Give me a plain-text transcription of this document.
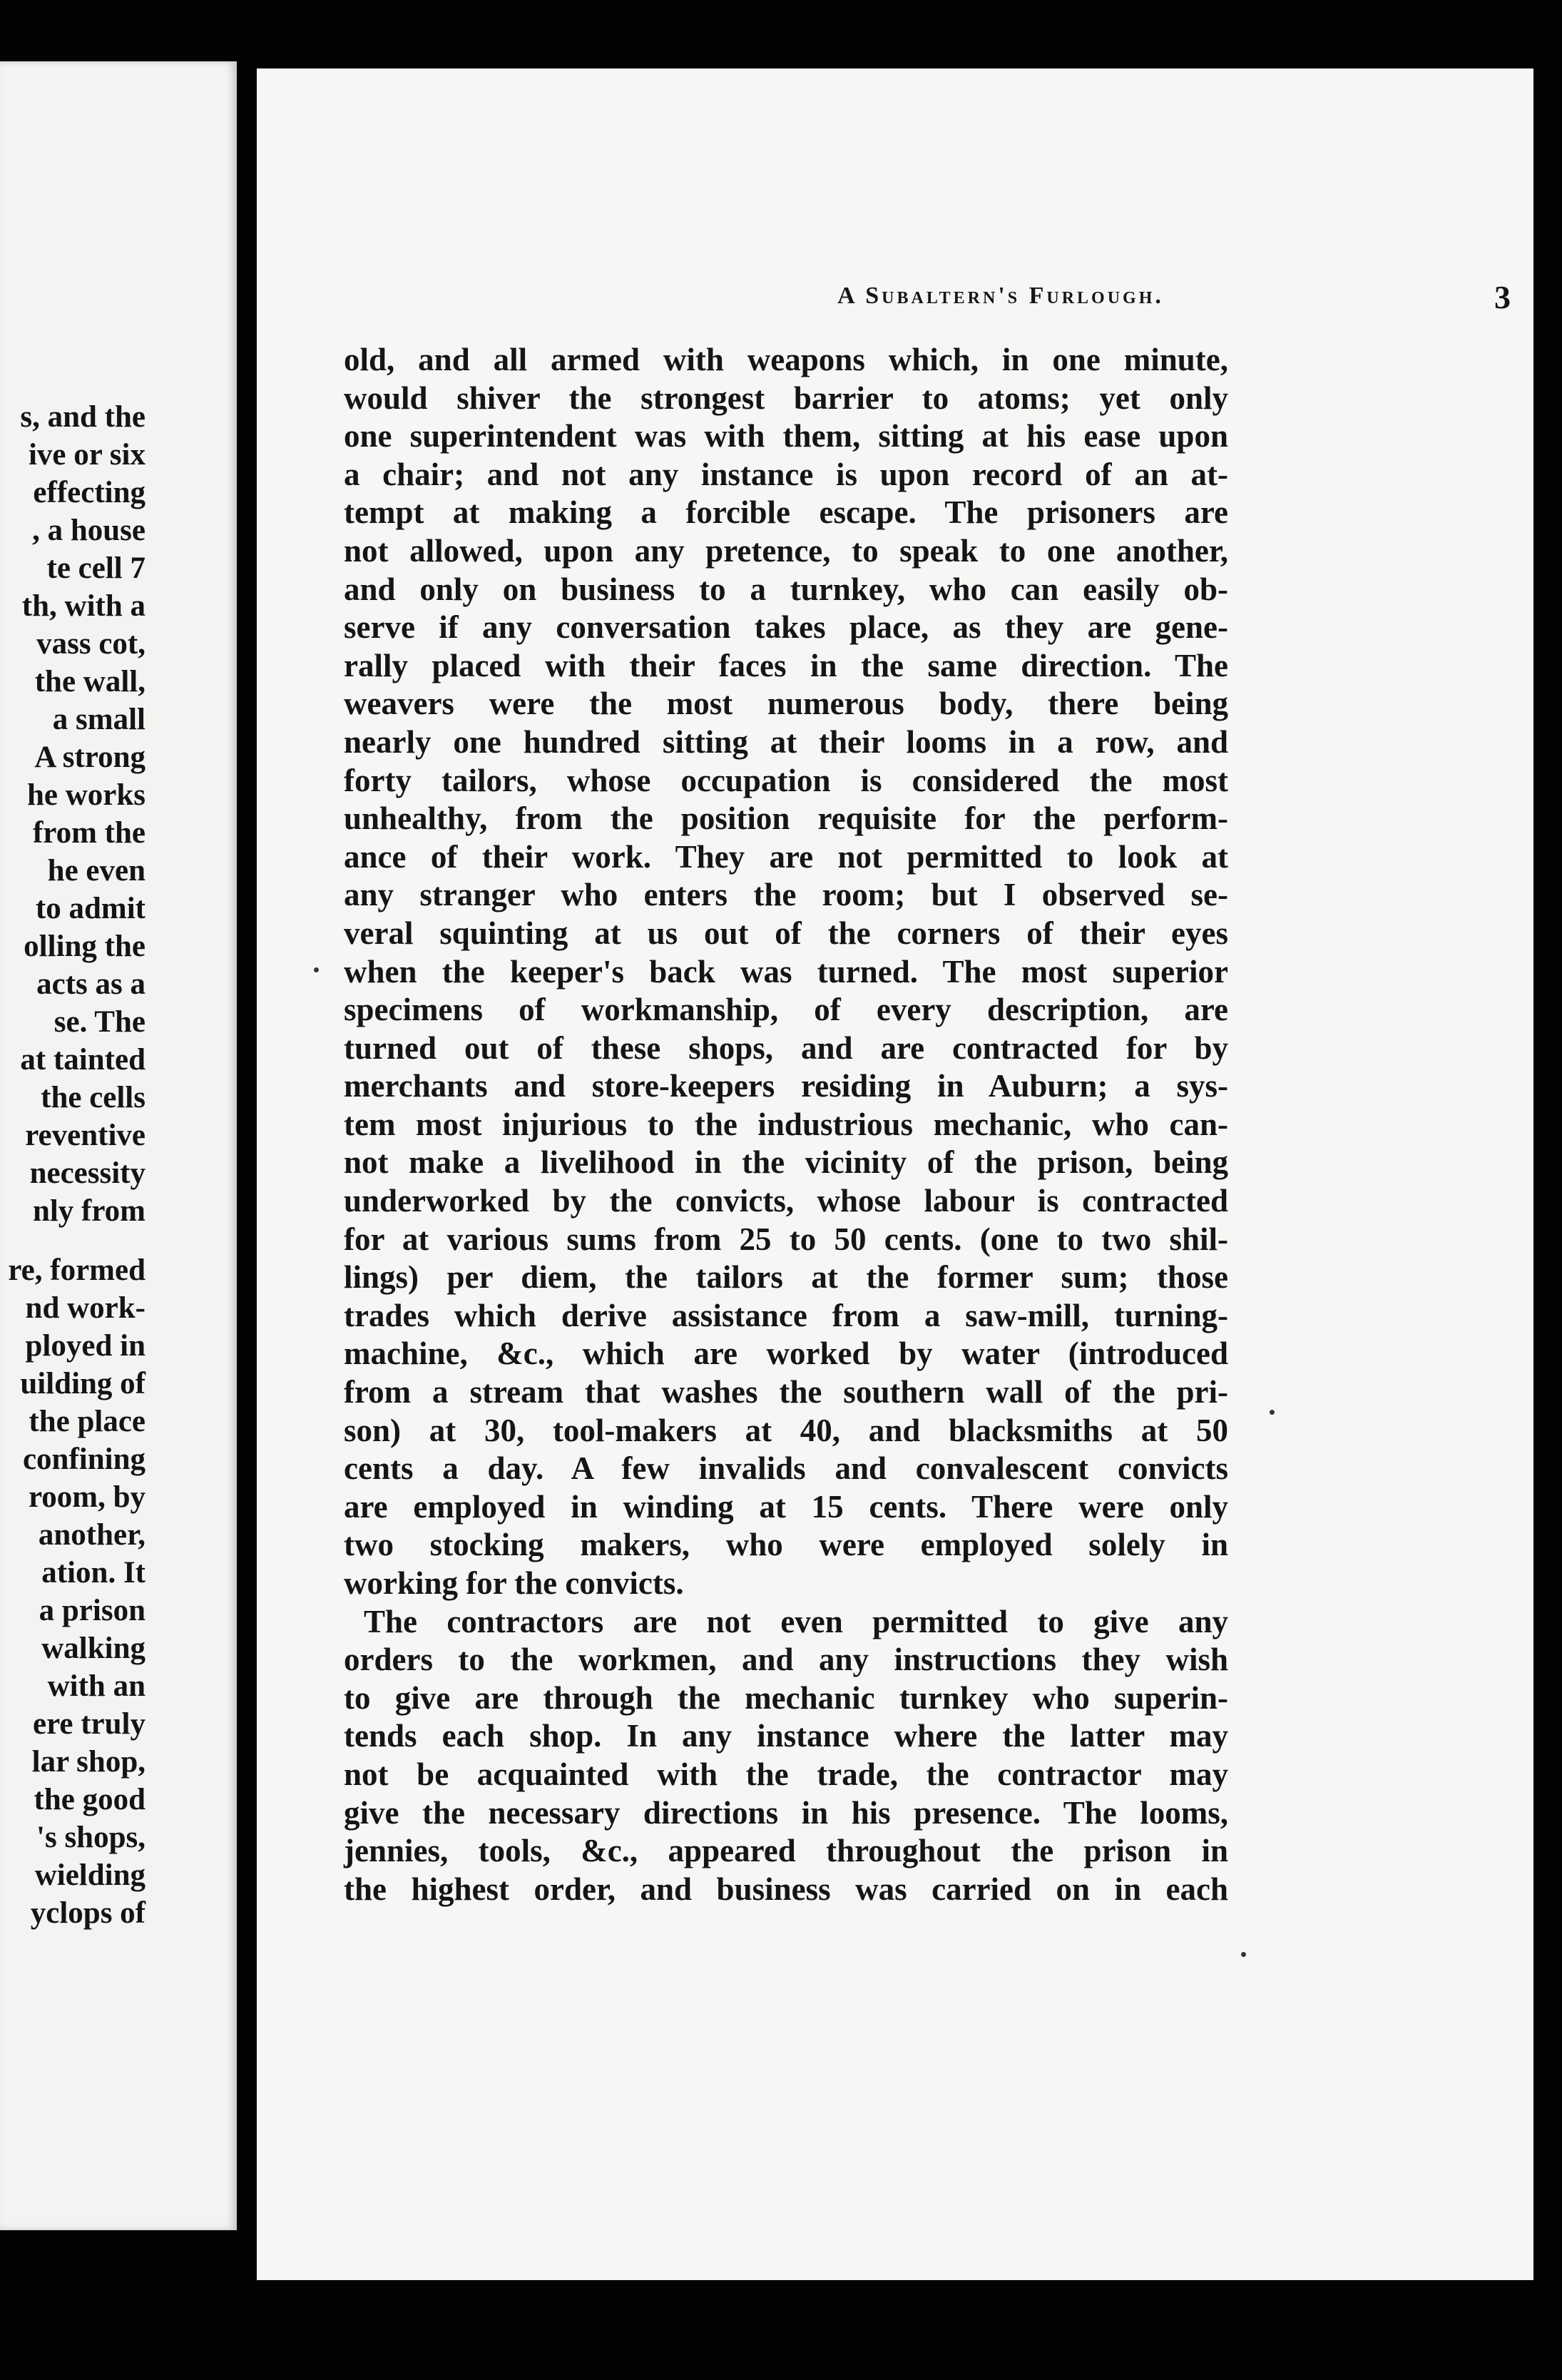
s, and the
ive or six
effecting
, a house
te cell 7
th, with a
vass cot,
the wall,
a small
A strong
he works
from the
he even
to admit
olling the
acts as a
se. The
at tainted
the cells
reventive
necessity
nly from
re, formed
nd work-
ployed in
uilding of
the place
confining
room, by
another,
ation. It
a prison
walking
with an
ere truly
lar shop,
the good
's shops,
wielding
yclops of
A Subaltern's Furlough.	3
old, and all armed with weapons which, in one minute,
would shiver the strongest barrier to atoms; yet only
one superintendent was with them, sitting at his ease upon
a chair; and not any instance is upon record of an at-
tempt at making a forcible escape. The prisoners are
not allowed, upon any pretence, to speak to one another,
and only on business to a turnkey, who can easily ob-
serve if any conversation takes place, as they are gene-
rally placed with their faces in the same direction. The
weavers were the most numerous body, there being
nearly one hundred sitting at their looms in a row, and
forty tailors, whose occupation is considered the most
unhealthy, from the position requisite for the perform-
ance of their work. They are not permitted to look at
any stranger who enters the room; but I observed se-
veral squinting at us out of the corners of their eyes
when the keeper's back was turned. The most superior
specimens of workmanship, of every description, are
turned out of these shops, and are contracted for by
merchants and store-keepers residing in Auburn; a sys-
tem most injurious to the industrious mechanic, who can-
not make a livelihood in the vicinity of the prison, being
underworked by the convicts, whose labour is contracted
for at various sums from 25 to 50 cents. (one to two shil-
lings) per diem, the tailors at the former sum; those
trades which derive assistance from a saw-mill, turning-
machine, &c., which are worked by water (introduced
from a stream that washes the southern wall of the pri-
son) at 30, tool-makers at 40, and blacksmiths at 50
cents a day. A few invalids and convalescent convicts
are employed in winding at 15 cents. There were only
two stocking makers, who were employed solely in
working for the convicts.
The contractors are not even permitted to give any
orders to the workmen, and any instructions they wish
to give are through the mechanic turnkey who superin-
tends each shop. In any instance where the latter may
not be acquainted with the trade, the contractor may
give the necessary directions in his presence. The looms,
jennies, tools, &c., appeared throughout the prison in
the highest order, and business was carried on in each
